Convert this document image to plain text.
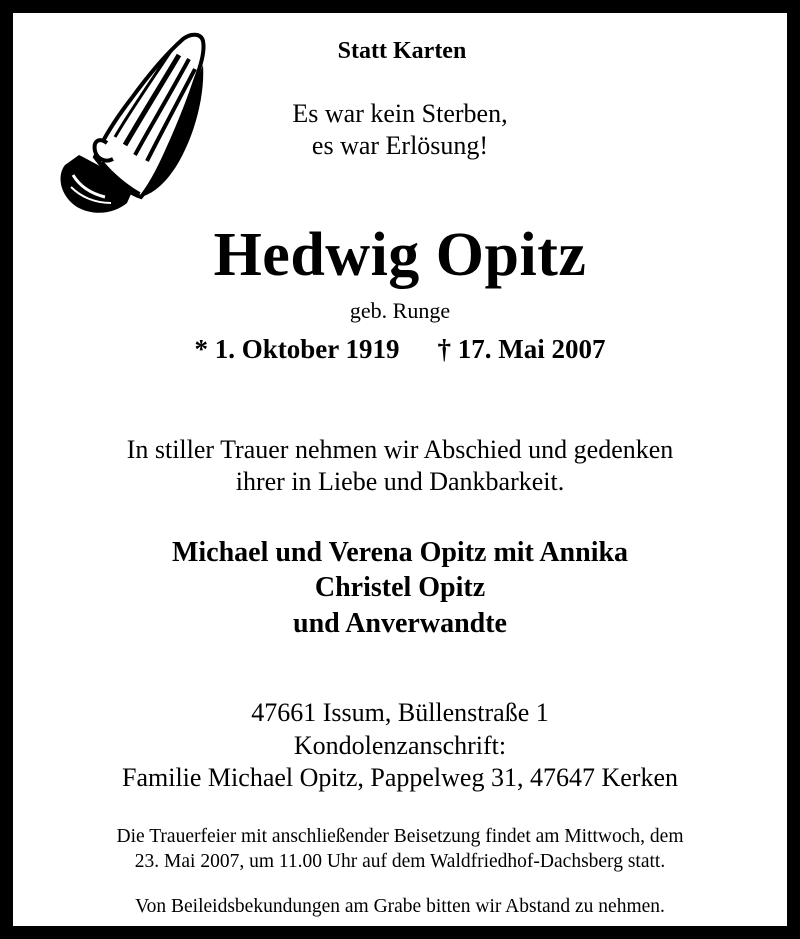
Statt Karten
Es war kein Sterben,
es war Erlösung!
Hedwig Opitz
geb. Runge
* 1. Oktober 1919 † 17. Mai 2007
In stiller Trauer nehmen wir Abschied und gedenken
ihrer in Liebe und Dankbarkeit.
Michael und Verena Opitz mit Annika
Christel Opitz
und Anverwandte
47661 Issum, Büllenstraße 1
Kondolenzanschrift:
Familie Michael Opitz, Pappelweg 31, 47647 Kerken
Die Trauerfeier mit anschließender Beisetzung findet am Mittwoch, dem
23. Mai 2007, um 11.00 Uhr auf dem Waldfriedhof-Dachsberg statt.
Von Beileidsbekundungen am Grabe bitten wir Abstand zu nehmen.
